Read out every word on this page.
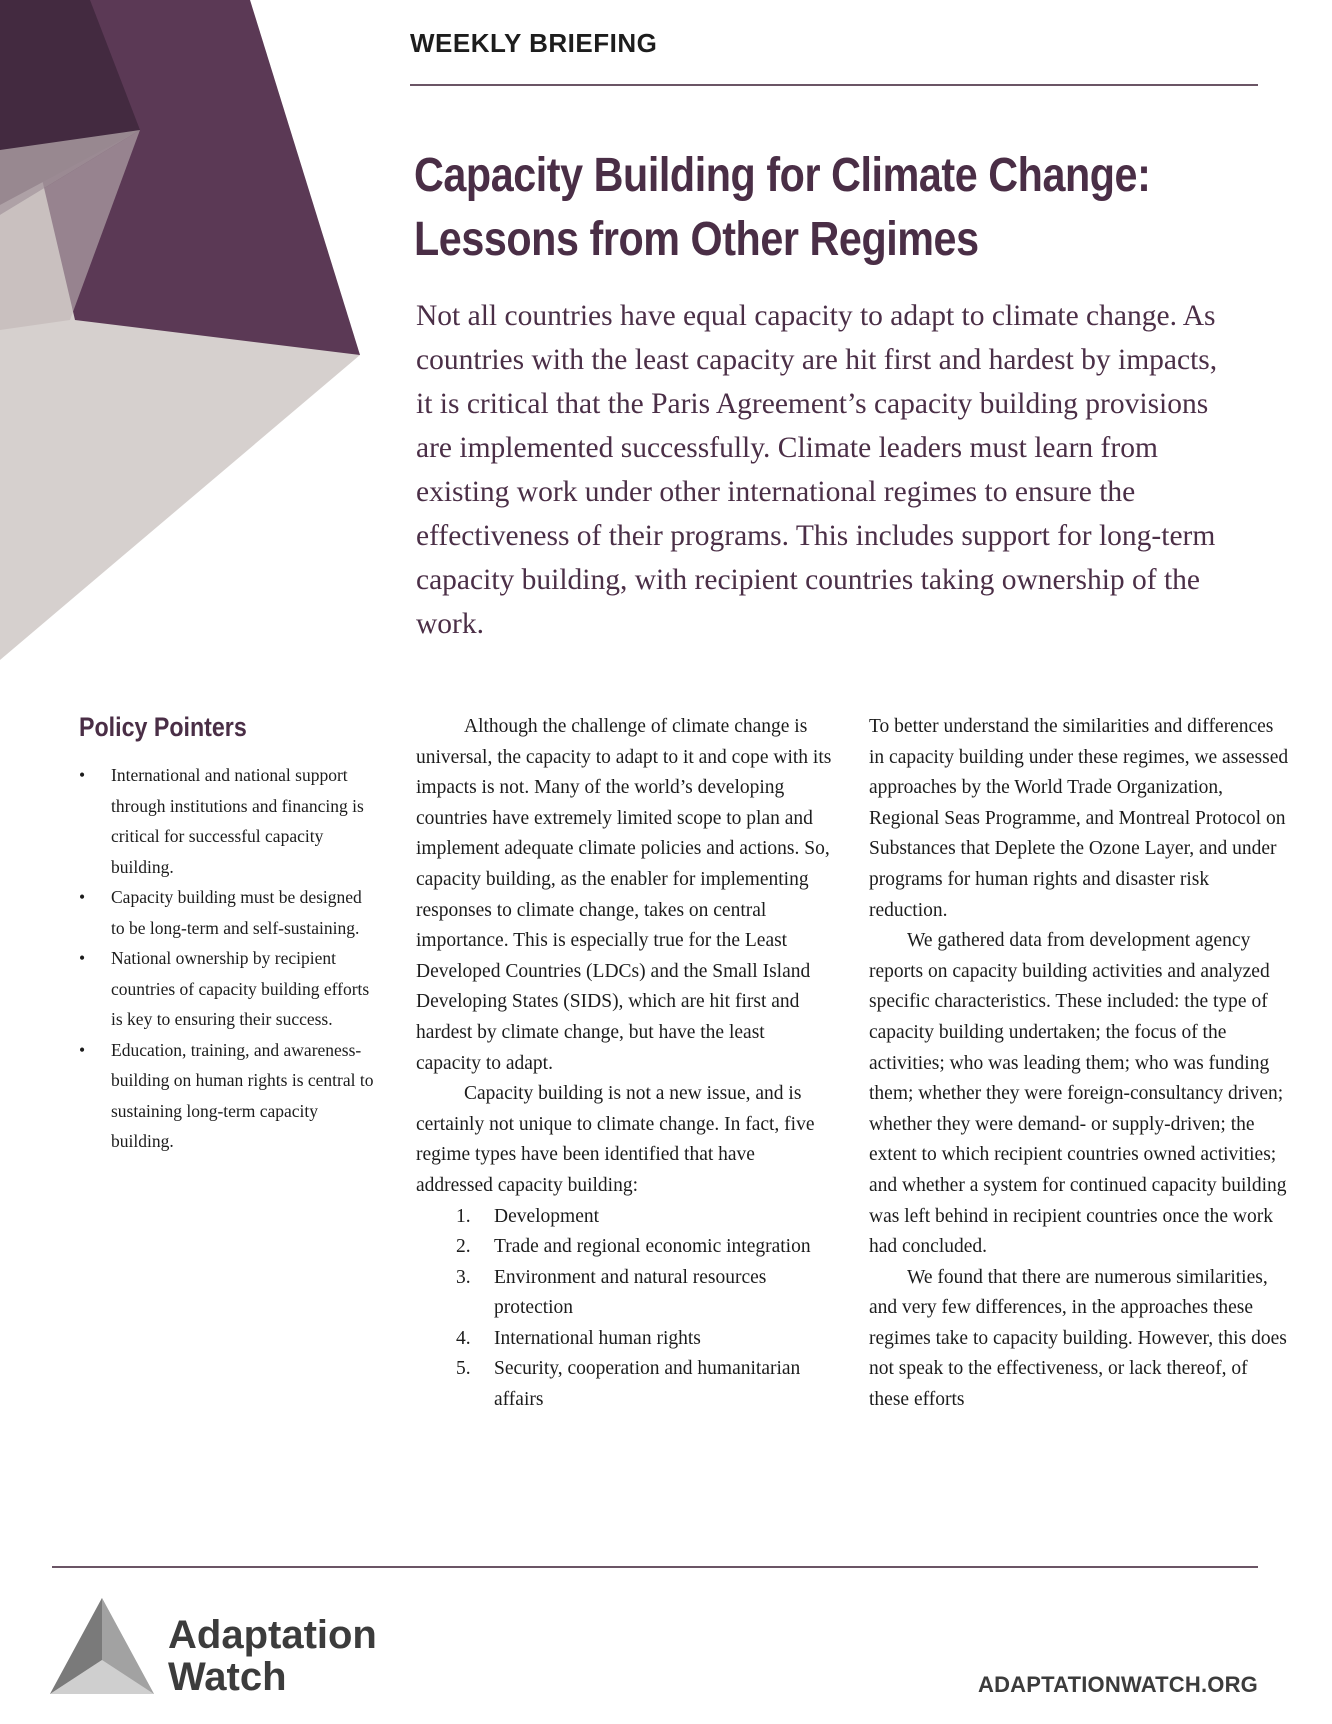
WEEKLY BRIEFING
Capacity Building for Climate Change: Lessons from Other Regimes

Not all countries have equal capacity to adapt to climate change. As countries with the least capacity are hit first and hardest by impacts, it is critical that the Paris Agreement’s capacity building provisions are implemented successfully. Climate leaders must learn from existing work under other international regimes to ensure the effectiveness of their programs. This includes support for long-term capacity building, with recipient countries taking ownership of the work.

Policy Pointers
•	International and national support through institutions and financing is critical for successful capacity building.
•	Capacity building must be designed to be long-term and self-sustaining.
•	National ownership by recipient countries of capacity building efforts is key to ensuring their success.
•	Education, training, and awareness-building on human rights is central to sustaining long-term capacity building.

Although the challenge of climate change is universal, the capacity to adapt to it and cope with its impacts is not. Many of the world’s developing countries have extremely limited scope to plan and implement adequate climate policies and actions. So, capacity building, as the enabler for implementing responses to climate change, takes on central importance. This is especially true for the Least Developed Countries (LDCs) and the Small Island Developing States (SIDS), which are hit first and hardest by climate change, but have the least capacity to adapt.

Capacity building is not a new issue, and is certainly not unique to climate change. In fact, five regime types have been identified that have addressed capacity building:

1. Development
2. Trade and regional economic integration
3. Environment and natural resources protection
4. International human rights
5. Security, cooperation and humanitarian affairs

To better understand the similarities and differences in capacity building under these regimes, we assessed approaches by the World Trade Organization, Regional Seas Programme, and Montreal Protocol on Substances that Deplete the Ozone Layer, and under programs for human rights and disaster risk reduction.

We gathered data from development agency reports on capacity building activities and analyzed specific characteristics. These included: the type of capacity building undertaken; the focus of the activities; who was leading them; who was funding them; whether they were foreign-consultancy driven; whether they were demand- or supply-driven; the extent to which recipient countries owned activities; and whether a system for continued capacity building was left behind in recipient countries once the work had concluded.

We found that there are numerous similarities, and very few differences, in the approaches these regimes take to capacity building. However, this does not speak to the effectiveness, or lack thereof, of these efforts

Adaptation
Watch	ADAPTATIONWATCH.ORG
